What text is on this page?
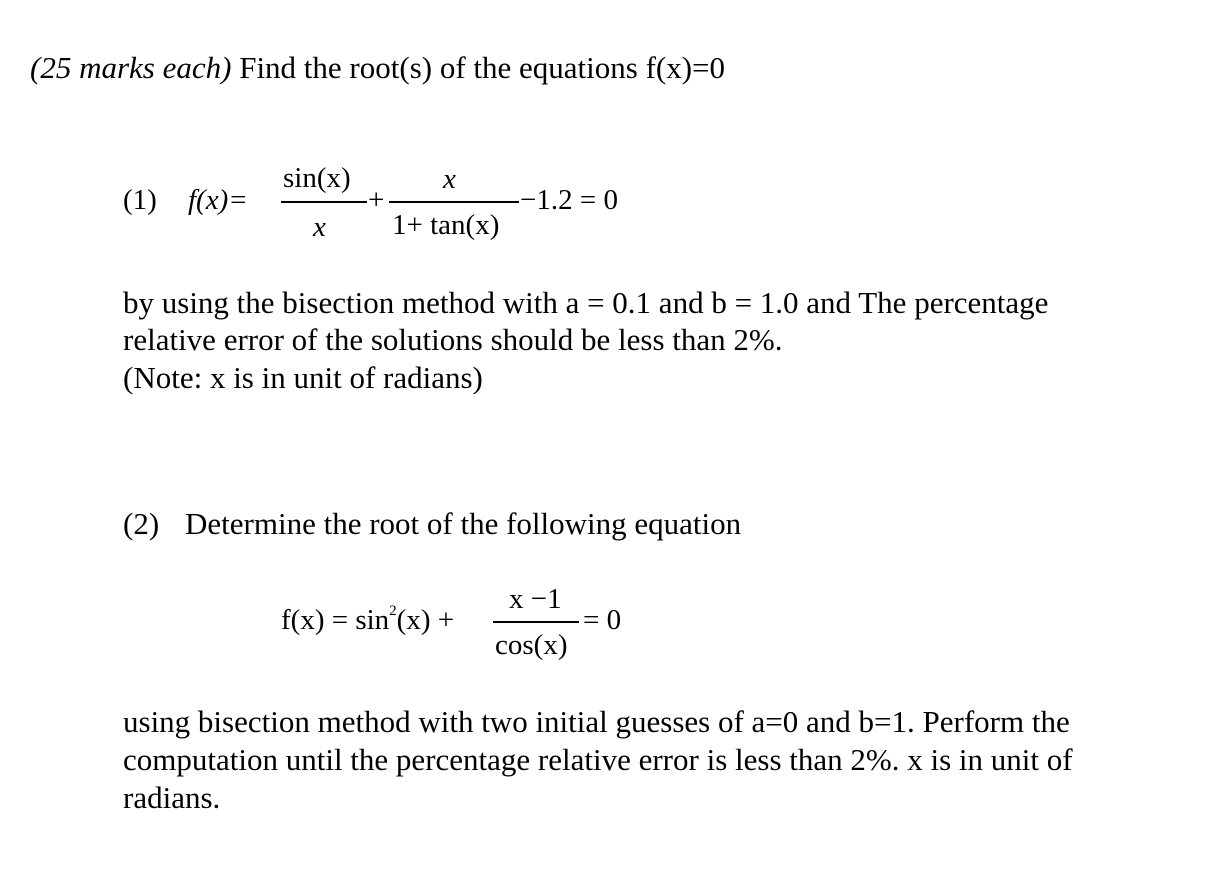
(25 marks each) Find the root(s) of the equations f(x)=0
(1) f(x)=
sin(x)
x
+
x
1+ tan(x)
−1.2 = 0
by using the bisection method with a = 0.1 and b = 1.0 and The percentage
relative error of the solutions should be less than 2%.
(Note: x is in unit of radians)
(2) Determine the root of the following equation
$f(x) = \sin^2(x)$ +
x −1
cos(x)
= 0
using bisection method with two initial guesses of a=0 and b=1. Perform the
computation until the percentage relative error is less than 2%. x is in unit of
radians.
